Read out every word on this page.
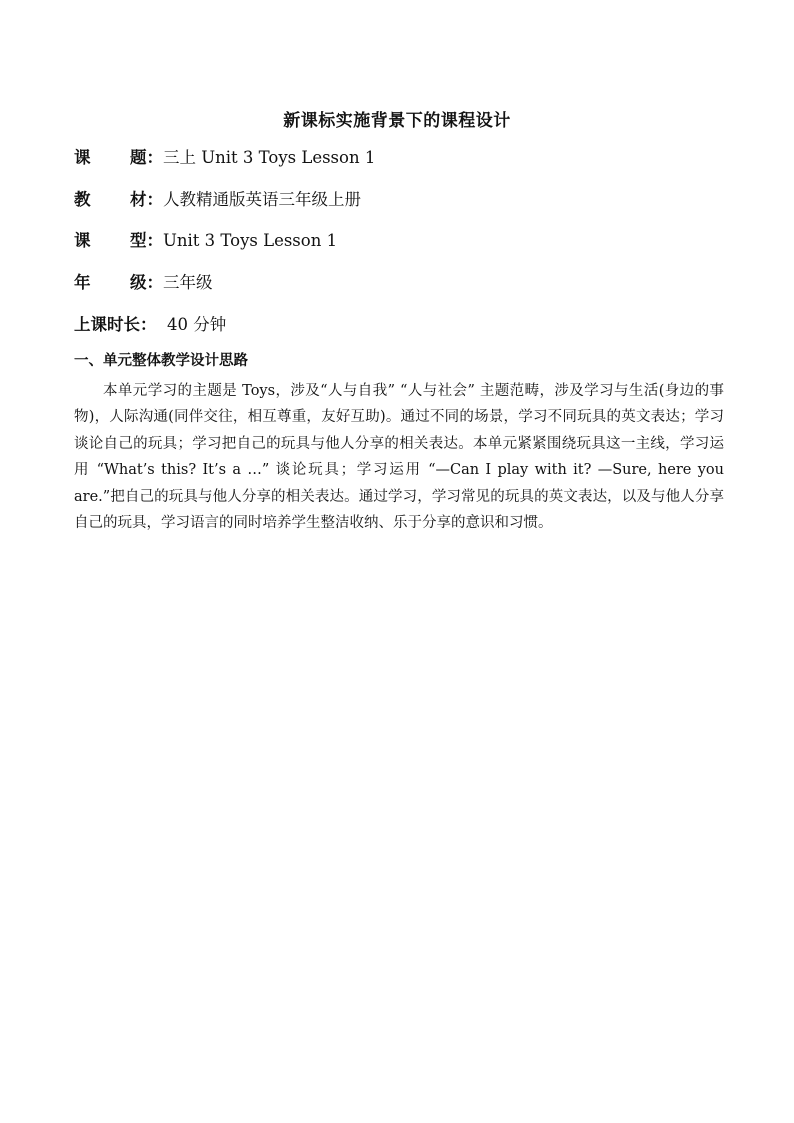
新课标实施背景下的课程设计
课 题：三上 Unit 3 Toys Lesson 1
教 材：人教精通版英语三年级上册
课 型：Unit 3 Toys Lesson 1
年 级：三年级
上课时长： 40 分钟
一、单元整体教学设计思路

本单元学习的主题是 Toys，涉及“人与自我” “人与社会” 主题范畴，涉及学习与生活(身边的事物)，人际沟通(同伴交往，相互尊重，友好互助)。通过不同的场景，学习不同玩具的英文表达；学习谈论自己的玩具；学习把自己的玩具与他人分享的相关表达。本单元紧紧围绕玩具这一主线，学习运用 “What’s this? It’s a …” 谈论玩具；学习运用 “—Can I play with it? —Sure, here you are.”把自己的玩具与他人分享的相关表达。通过学习，学习常见的玩具的英文表达，以及与他人分享自己的玩具，学习语言的同时培养学生整洁收纳、乐于分享的意识和习惯。
